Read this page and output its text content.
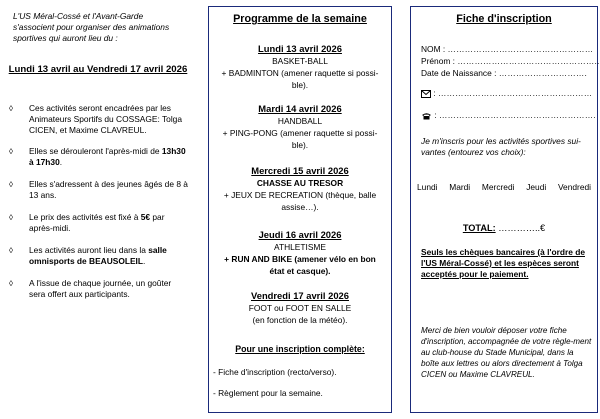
L'US Méral-Cossé et l'Avant-Garde s'associent pour organiser des animations sportives qui auront lieu du :
Lundi 13 avril au Vendredi 17 avril 2026
◊ Ces activités seront encadrées par les Animateurs Sportifs du COSSAGE: Tolga CICEN, et Maxime CLAVREUL.
◊ Elles se dérouleront l'après-midi de 13h30 à 17h30.
◊ Elles s'adressent à des jeunes âgés de 8 à 13 ans.
◊ Le prix des activités est fixé à 5€ par après-midi.
◊ Les activités auront lieu dans la salle omnisports de BEAUSOLEIL.
◊ A l'issue de chaque journée, un goûter sera offert aux participants.
Programme de la semaine
Lundi 13 avril 2026
BASKET-BALL
+ BADMINTON (amener raquette si possi-
ble).
Mardi 14 avril 2026
HANDBALL
+ PING-PONG (amener raquette si possi-
ble).
Mercredi 15 avril 2026
CHASSE AU TRESOR
+ JEUX DE RECREATION (thèque, balle
assise…).
Jeudi 16 avril 2026
ATHLETISME
+ RUN AND BIKE (amener vélo en bon
état et casque).
Vendredi 17 avril 2026
FOOT ou FOOT EN SALLE
(en fonction de la météo).
Pour une inscription complète:
- Fiche d'inscription (recto/verso).
- Règlement pour la semaine.
Fiche d'inscription
NOM : ……………………………………………
Prénom : …………………………………………..
Date de Naissance : ………………………….
: ………………………………………………
: ……………………………………………….
Je m'inscris pour les activités sportives sui-vantes (entourez vos choix):
Lundi Mardi Mercredi Jeudi Vendredi
TOTAL: …………..€
Seuls les chèques bancaires (à l'ordre de l'US Méral-Cossé) et les espèces seront acceptés pour le paiement.
Merci de bien vouloir déposer votre fiche d'inscription, accompagnée de votre règle-ment au club-house du Stade Municipal, dans la boîte aux lettres ou alors directement à Tolga CICEN ou Maxime CLAVREUL.
